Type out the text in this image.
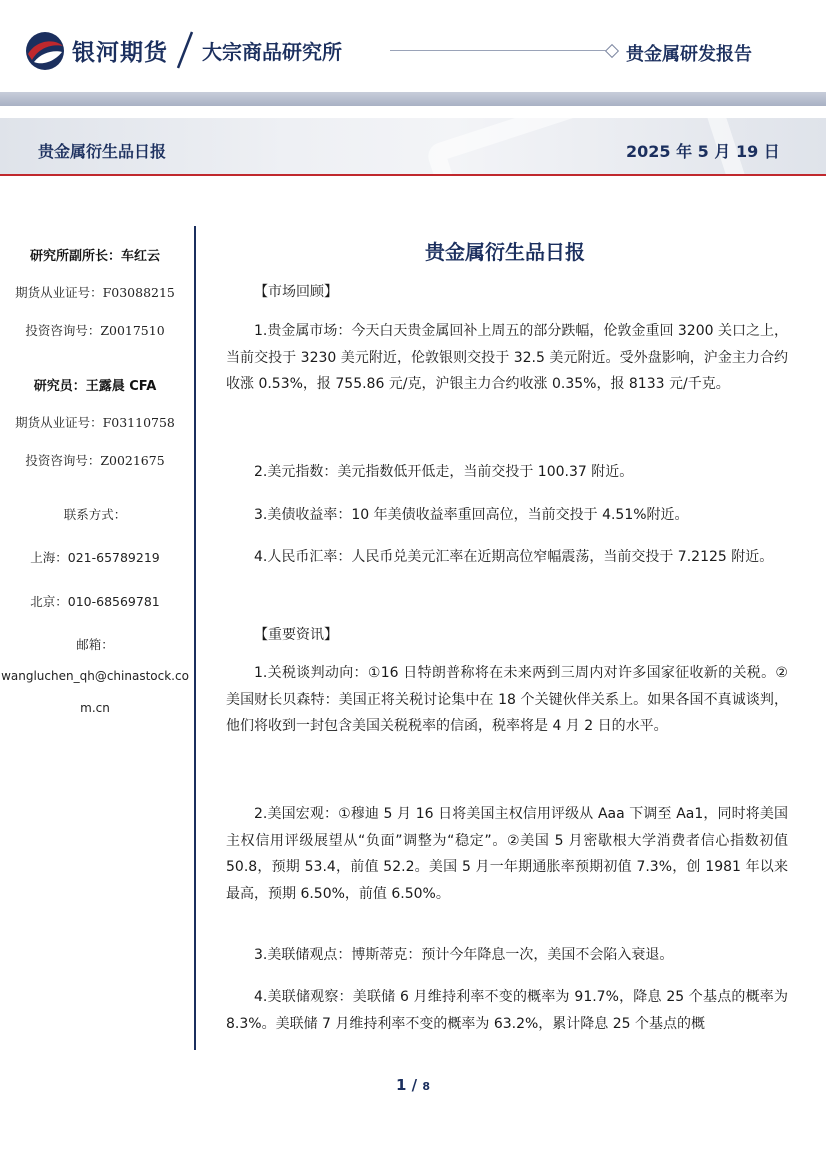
银河期货 大宗商品研究所	贵金属研发报告
贵金属衍生品日报	2025 年 5 月 19 日
研究所副所长：车红云
期货从业证号：F03088215
投资咨询号：Z0017510
研究员：王露晨 CFA
期货从业证号：F03110758
投资咨询号：Z0021675
联系方式：
上海：021-65789219
北京：010-68569781
邮箱：
wangluchen_qh@chinastock.co
m.cn
贵金属衍生品日报

【市场回顾】

1.贵金属市场：今天白天贵金属回补上周五的部分跌幅，伦敦金重回 3200 关口之上，当前交投于 3230 美元附近，伦敦银则交投于 32.5 美元附近。受外盘影响，沪金主力合约收涨 0.53%，报 755.86 元/克，沪银主力合约收涨 0.35%，报 8133 元/千克。

2.美元指数：美元指数低开低走，当前交投于 100.37 附近。

3.美债收益率：10 年美债收益率重回高位，当前交投于 4.51%附近。

4.人民币汇率：人民币兑美元汇率在近期高位窄幅震荡，当前交投于 7.2125 附近。

【重要资讯】

1.关税谈判动向：①16 日特朗普称将在未来两到三周内对许多国家征收新的关税。②美国财长贝森特：美国正将关税讨论集中在 18 个关键伙伴关系上。如果各国不真诚谈判，他们将收到一封包含美国关税税率的信函，税率将是 4 月 2 日的水平。

2.美国宏观：①穆迪 5 月 16 日将美国主权信用评级从 Aaa 下调至 Aa1，同时将美国主权信用评级展望从“负面”调整为“稳定”。②美国 5 月密歇根大学消费者信心指数初值 50.8，预期 53.4，前值 52.2。美国 5 月一年期通胀率预期初值 7.3%，创 1981 年以来最高，预期 6.50%，前值 6.50%。

3.美联储观点：博斯蒂克：预计今年降息一次，美国不会陷入衰退。

4.美联储观察：美联储 6 月维持利率不变的概率为 91.7%，降息 25 个基点的概率为 8.3%。美联储 7 月维持利率不变的概率为 63.2%，累计降息 25 个基点的概

1 / 8
